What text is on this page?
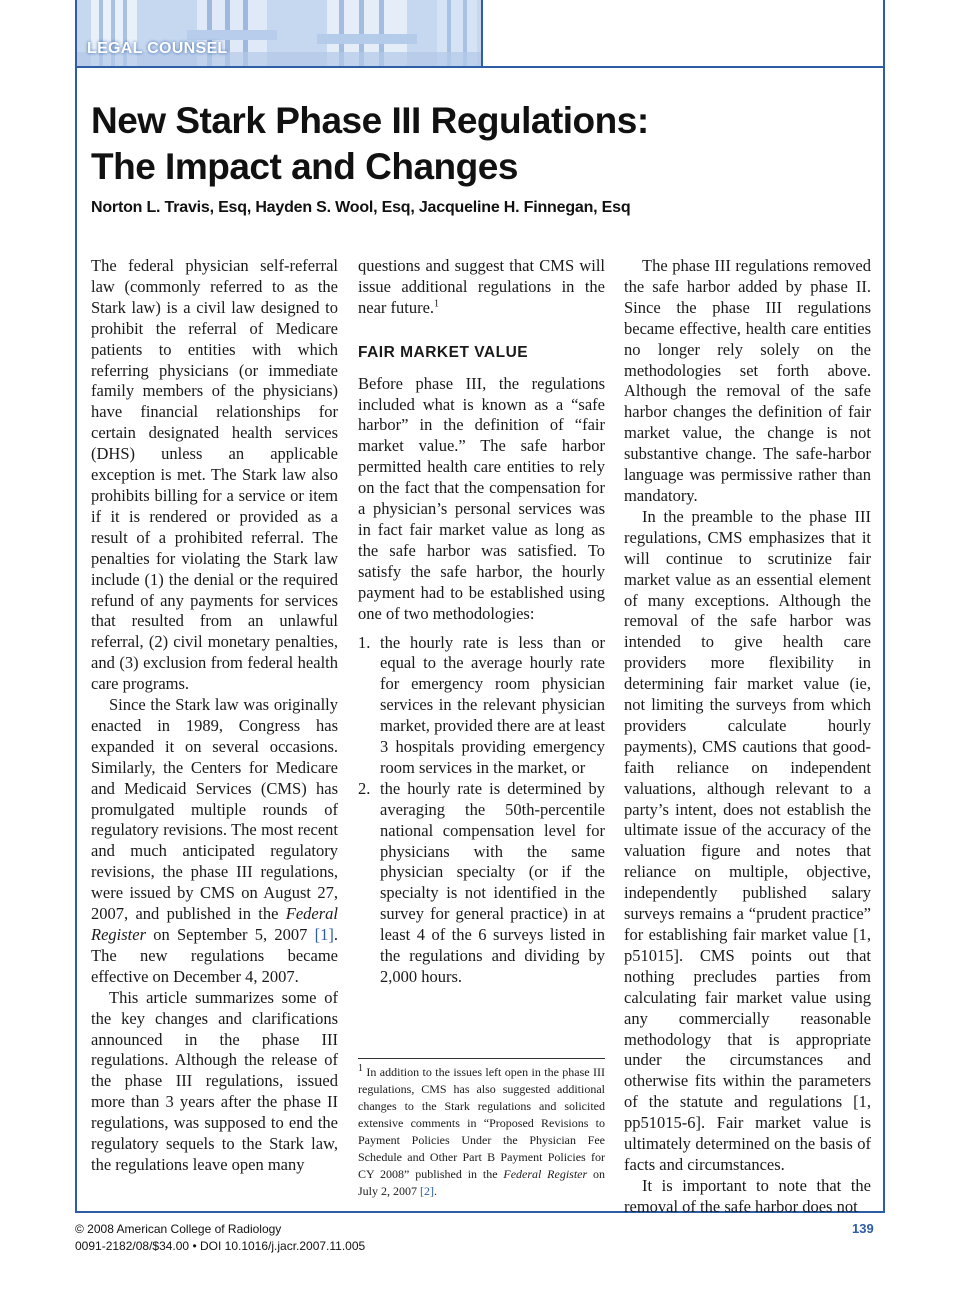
LEGAL COUNSEL
New Stark Phase III Regulations:
The Impact and Changes
Norton L. Travis, Esq, Hayden S. Wool, Esq, Jacqueline H. Finnegan, Esq

The federal physician self-referral law (commonly referred to as the Stark law) is a civil law designed to prohibit the referral of Medicare patients to entities with which referring physicians (or immediate family members of the physicians) have financial relationships for certain designated health services (DHS) unless an applicable exception is met. The Stark law also prohibits billing for a service or item if it is rendered or provided as a result of a prohibited referral. The penalties for violating the Stark law include (1) the denial or the required refund of any payments for services that resulted from an unlawful referral, (2) civil monetary penalties, and (3) exclusion from federal health care programs.

Since the Stark law was originally enacted in 1989, Congress has expanded it on several occasions. Similarly, the Centers for Medicare and Medicaid Services (CMS) has promulgated multiple rounds of regulatory revisions. The most recent and much anticipated regulatory revisions, the phase III regulations, were issued by CMS on August 27, 2007, and published in the Federal Register on September 5, 2007 [1]. The new regulations became effective on December 4, 2007.

This article summarizes some of the key changes and clarifications announced in the phase III regulations. Although the release of the phase III regulations, issued more than 3 years after the phase II regulations, was supposed to end the regulatory sequels to the Stark law, the regulations leave open many

questions and suggest that CMS will issue additional regulations in the near future.$^1$

FAIR MARKET VALUE

Before phase III, the regulations included what is known as a “safe harbor” in the definition of “fair market value.” The safe harbor permitted health care entities to rely on the fact that the compensation for a physician’s personal services was in fact fair market value as long as the safe harbor was satisfied. To satisfy the safe harbor, the hourly payment had to be established using one of two methodologies:

1. the hourly rate is less than or equal to the average hourly rate for emergency room physician services in the relevant physician market, provided there are at least 3 hospitals providing emergency room services in the market, or
2. the hourly rate is determined by averaging the 50th-percentile national compensation level for physicians with the same physician specialty (or if the specialty is not identified in the survey for general practice) in at least 4 of the 6 surveys listed in the regulations and dividing by 2,000 hours.
$^1$ In addition to the issues left open in the phase III regulations, CMS has also suggested additional changes to the Stark regulations and solicited extensive comments in “Proposed Revisions to Payment Policies Under the Physician Fee Schedule and Other Part B Payment Policies for CY 2008” published in the Federal Register on July 2, 2007 [2].

The phase III regulations removed the safe harbor added by phase II. Since the phase III regulations became effective, health care entities no longer rely solely on the methodologies set forth above. Although the removal of the safe harbor changes the definition of fair market value, the change is not substantive change. The safe-harbor language was permissive rather than mandatory.

In the preamble to the phase III regulations, CMS emphasizes that it will continue to scrutinize fair market value as an essential element of many exceptions. Although the removal of the safe harbor was intended to give health care providers more flexibility in determining fair market value (ie, not limiting the surveys from which providers calculate hourly payments), CMS cautions that good-faith reliance on independent valuations, although relevant to a party’s intent, does not establish the ultimate issue of the accuracy of the valuation figure and notes that reliance on multiple, objective, independently published salary surveys remains a “prudent practice” for establishing fair market value [1, p51015]. CMS points out that nothing precludes parties from calculating fair market value using any commercially reasonable methodology that is appropriate under the circumstances and otherwise fits within the parameters of the statute and regulations [1, pp51015-6]. Fair market value is ultimately determined on the basis of facts and circumstances.

It is important to note that the removal of the safe harbor does not

© 2008 American College of Radiology
0091-2182/08/$34.00 • DOI 10.1016/j.jacr.2007.11.005
139
